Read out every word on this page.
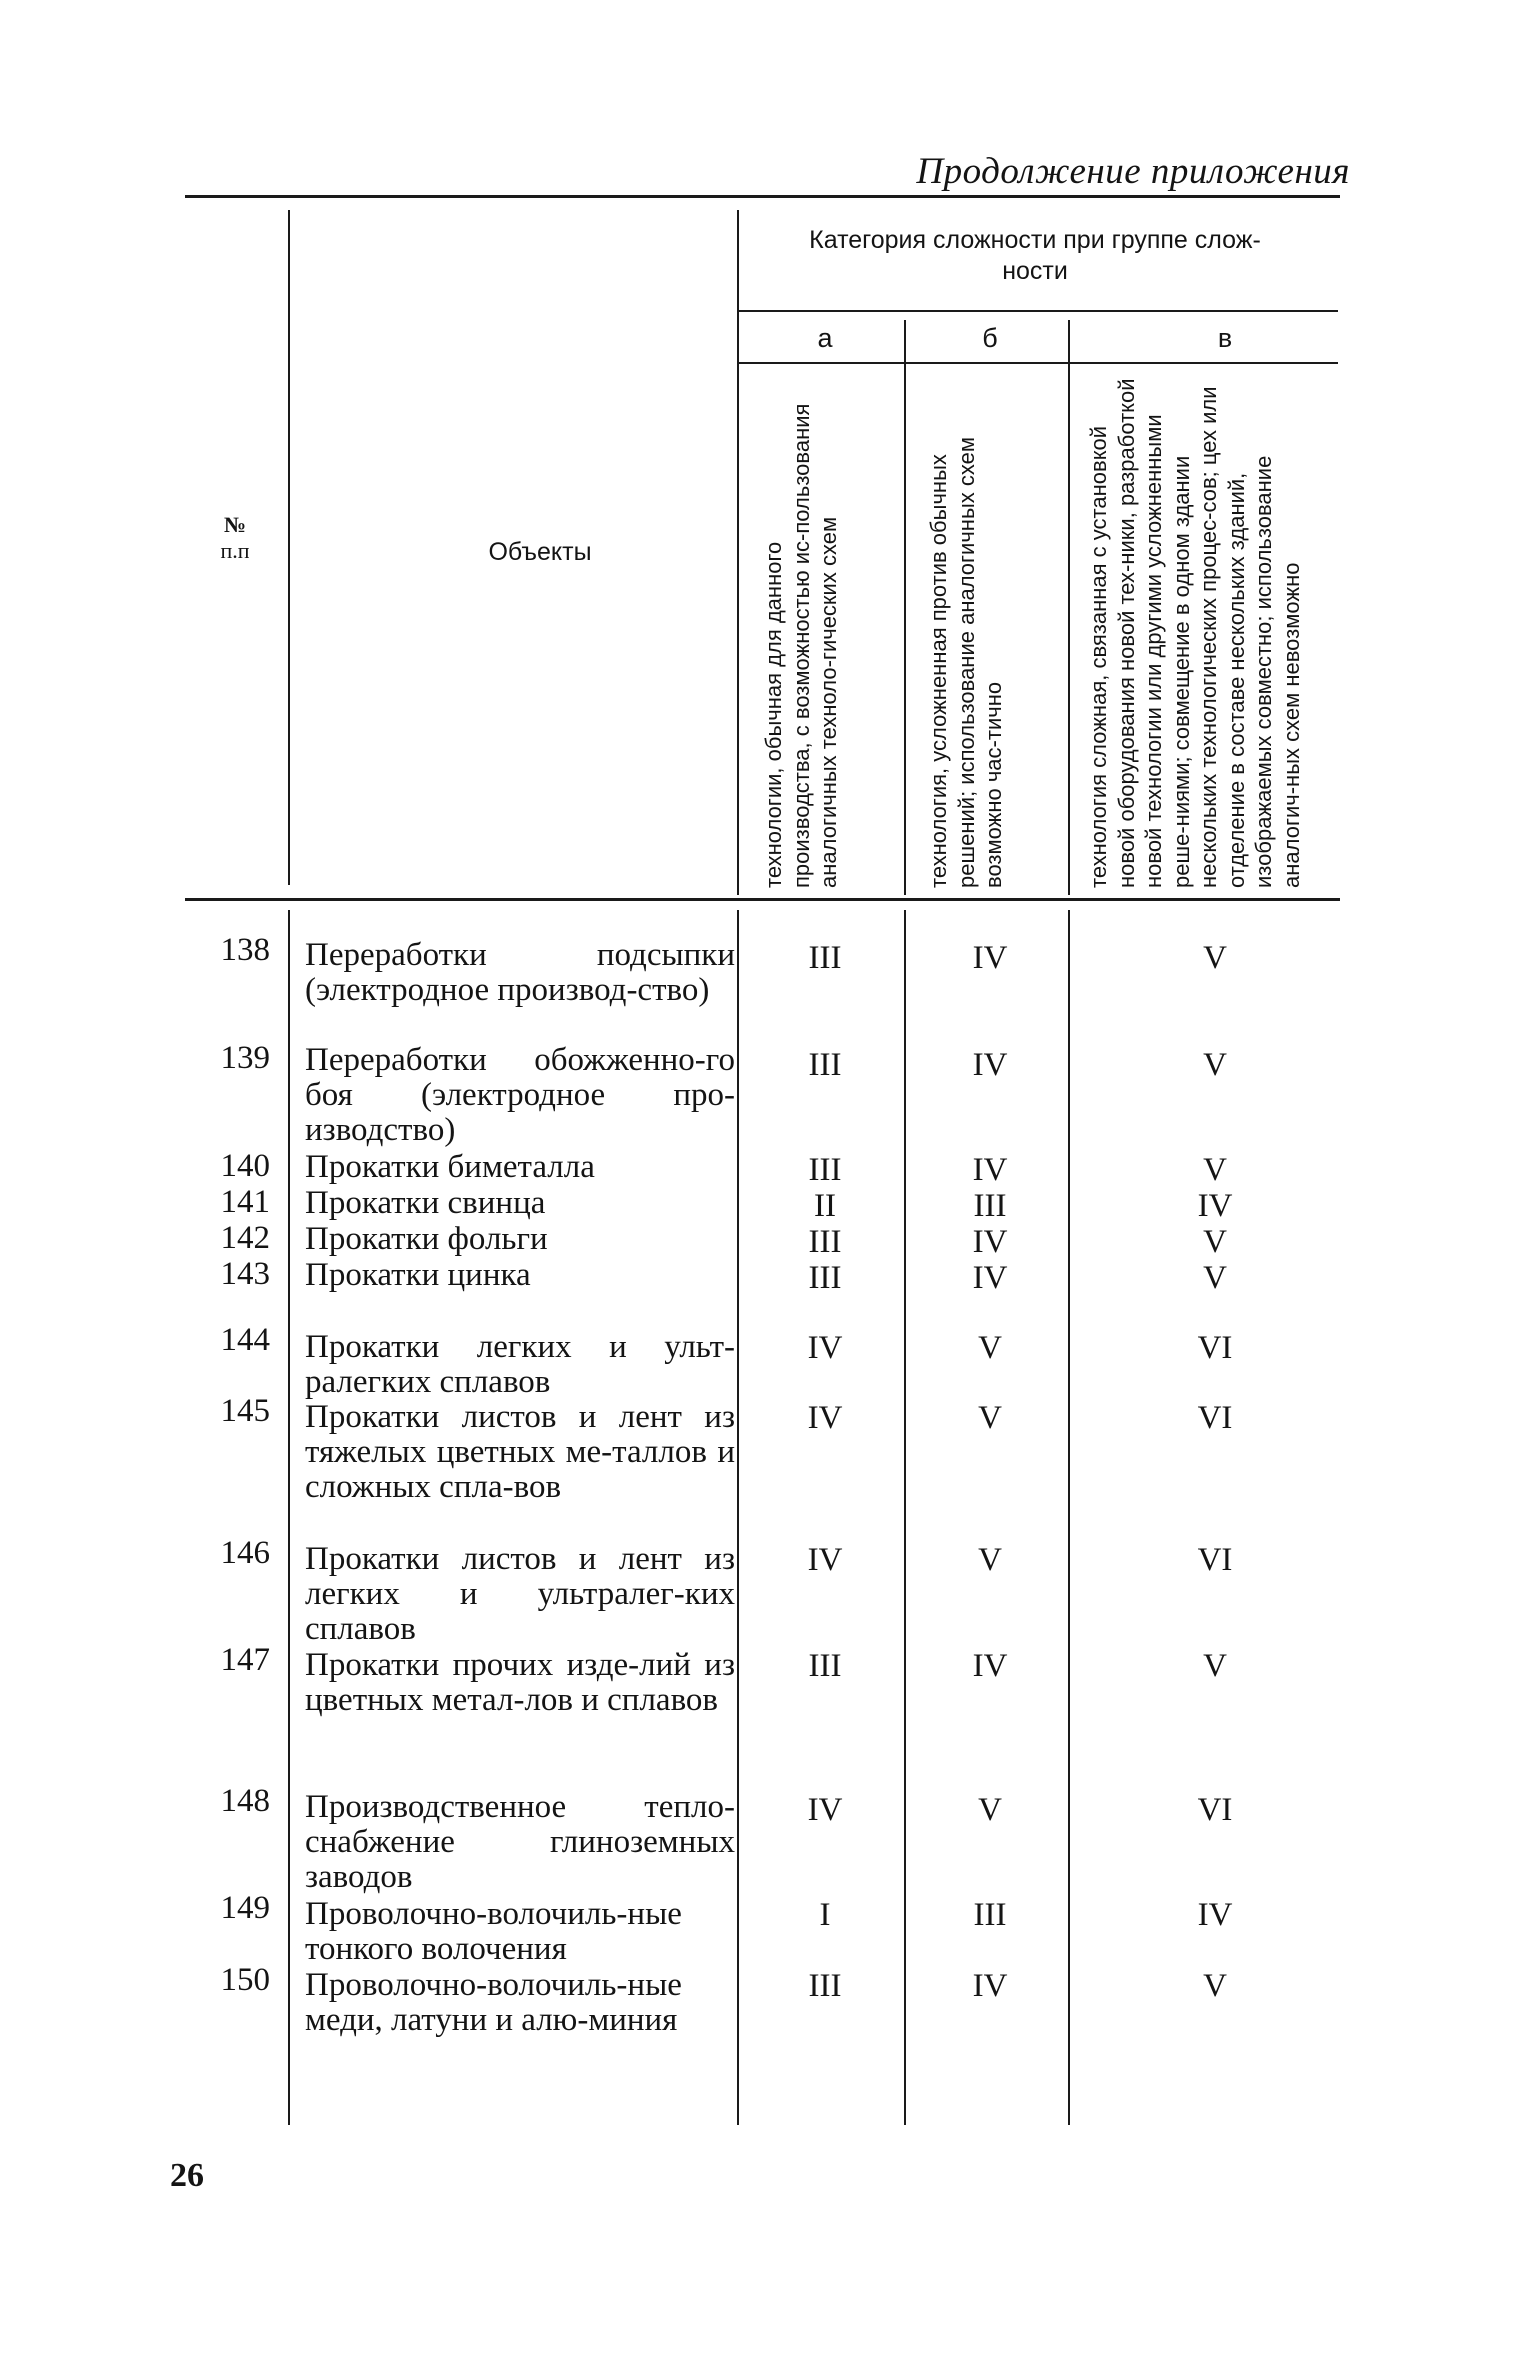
Продолжение приложения
№
п.п	Объекты
Категория сложности при группе слож-
ности
а	б	в
технологии, обычная для данного производства, с возможностью ис-пользования аналогичных техноло-гических схем	технология, усложненная против обычных решений; использование аналогичных схем возможно час-тично	технология сложная, связанная с установкой новой оборудования новой тех-ники, разработкой новой технологии или другими усложненными реше-ниями; совмещение в одном здании нескольких технологических процес-сов; цех или отделение в составе нескольких зданий, изображаемых совместно; использование аналогич-ных схем невозможно
138 Переработки подсыпки (электродное производ-ство)
III	IV	V
139 Переработки обожженно-го боя (электродное про-изводство)
III	IV	V
140 Прокатки биметалла	III	IV	V
141 Прокатки свинца	II	III	IV
142 Прокатки фольги	III	IV	V
143 Прокатки цинка	III	IV	V
144 Прокатки легких и ульт-ралегких сплавов
IV	V	VI
145 Прокатки листов и лент из тяжелых цветных ме-таллов и сложных спла-вов
IV	V	VI
146 Прокатки листов и лент из легких и ультралег-ких сплавов
IV	V	VI
147 Прокатки прочих изде-лий из цветных метал-лов и сплавов
III	IV	V
148 Производственное тепло-снабжение глиноземных заводов
IV	V	VI
149 Проволочно-волочиль-ные тонкого волочения
I	III	IV
150 Проволочно-волочиль-ные меди, латуни и алю-миния
III	IV	V
26
